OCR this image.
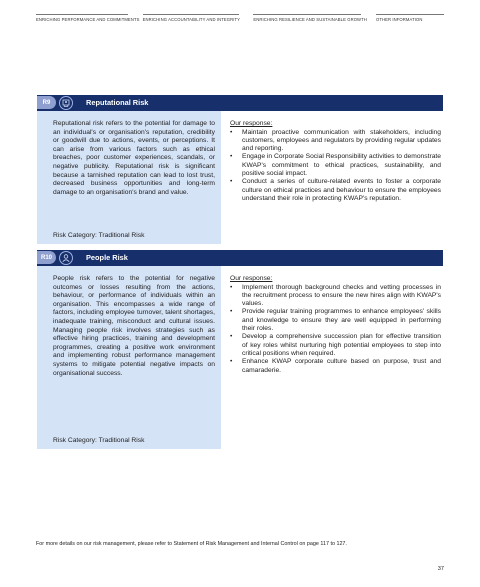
ENRICHING PERFORMANCE AND COMMITMENTS ENRICHING ACCOUNTABILITY AND INTEGRITY	ENRICHING RESILIENCE AND SUSTAINABLE GROWTH OTHER INFORMATION
R9	Reputational Risk

Reputational risk refers to the potential for damage to an individual's or organisation's reputation, credibility or goodwill due to actions, events, or perceptions. It can arise from various factors such as ethical breaches, poor customer experiences, scandals, or negative publicity. Reputational risk is significant because a tarnished reputation can lead to lost trust, decreased business opportunities and long-term damage to an organisation's brand and value.

Risk Category: Traditional Risk
Our response:
• Maintain proactive communication with stakeholders, including customers, employees and regulators by providing regular updates and reporting.
• Engage in Corporate Social Responsibility activities to demonstrate KWAP's commitment to ethical practices, sustainability, and positive social impact.
• Conduct a series of culture-related events to foster a corporate culture on ethical practices and behaviour to ensure the employees understand their role in protecting KWAP's reputation.
R10	People Risk

People risk refers to the potential for negative outcomes or losses resulting from the actions, behaviour, or performance of individuals within an organisation. This encompasses a wide range of factors, including employee turnover, talent shortages, inadequate training, misconduct and cultural issues. Managing people risk involves strategies such as effective hiring practices, training and development programmes, creating a positive work environment and implementing robust performance management systems to mitigate potential negative impacts on organisational success.

Risk Category: Traditional Risk
Our response:
• Implement thorough background checks and vetting processes in the recruitment process to ensure the new hires align with KWAP's values.
• Provide regular training programmes to enhance employees' skills and knowledge to ensure they are well equipped in performing their roles.
• Develop a comprehensive succession plan for effective transition of key roles whilst nurturing high potential employees to step into critical positions when required.
• Enhance KWAP corporate culture based on purpose, trust and camaraderie.
For more details on our risk management, please refer to Statement of Risk Management and Internal Control on page 117 to 127.
37
